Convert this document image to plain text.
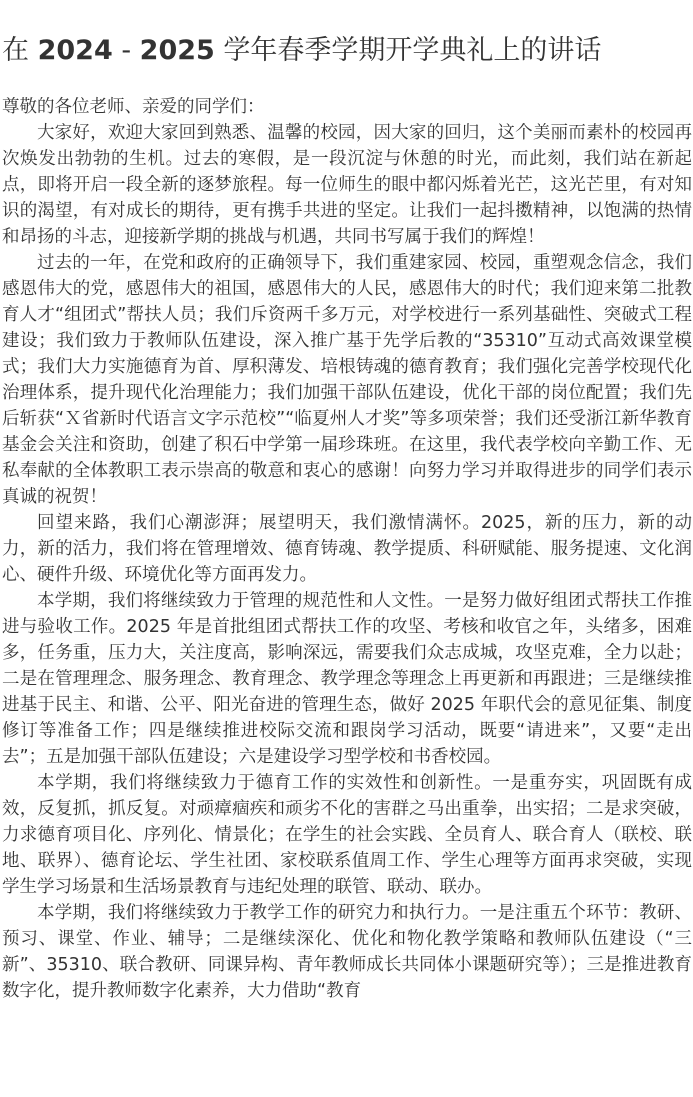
在 2024 - 2025 学年春季学期开学典礼上的讲话

尊敬的各位老师、亲爱的同学们：

大家好，欢迎大家回到熟悉、温馨的校园，因大家的回归，这个美丽而素朴的校园再次焕发出勃勃的生机。过去的寒假，是一段沉淀与休憩的时光，而此刻，我们站在新起点，即将开启一段全新的逐梦旅程。每一位师生的眼中都闪烁着光芒，这光芒里，有对知识的渴望，有对成长的期待，更有携手共进的坚定。让我们一起抖擞精神，以饱满的热情和昂扬的斗志，迎接新学期的挑战与机遇，共同书写属于我们的辉煌！

过去的一年，在党和政府的正确领导下，我们重建家园、校园，重塑观念信念，我们感恩伟大的党，感恩伟大的祖国，感恩伟大的人民，感恩伟大的时代；我们迎来第二批教育人才“组团式”帮扶人员；我们斥资两千多万元，对学校进行一系列基础性、突破式工程建设；我们致力于教师队伍建设，深入推广基于先学后教的“35310”互动式高效课堂模式；我们大力实施德育为首、厚积薄发、培根铸魂的德育教育；我们强化完善学校现代化治理体系，提升现代化治理能力；我们加强干部队伍建设，优化干部的岗位配置；我们先后斩获“Ｘ省新时代语言文字示范校”“临夏州人才奖”等多项荣誉；我们还受浙江新华教育基金会关注和资助，创建了积石中学第一届珍珠班。在这里，我代表学校向辛勤工作、无私奉献的全体教职工表示崇高的敬意和衷心的感谢！向努力学习并取得进步的同学们表示真诚的祝贺！

回望来路，我们心潮澎湃；展望明天，我们激情满怀。2025，新的压力，新的动力，新的活力，我们将在管理增效、德育铸魂、教学提质、科研赋能、服务提速、文化润心、硬件升级、环境优化等方面再发力。

本学期，我们将继续致力于管理的规范性和人文性。一是努力做好组团式帮扶工作推进与验收工作。2025 年是首批组团式帮扶工作的攻坚、考核和收官之年，头绪多，困难多，任务重，压力大，关注度高，影响深远，需要我们众志成城，攻坚克难，全力以赴；二是在管理理念、服务理念、教育理念、教学理念等理念上再更新和再跟进；三是继续推进基于民主、和谐、公平、阳光奋进的管理生态，做好 2025 年职代会的意见征集、制度修订等准备工作；四是继续推进校际交流和跟岗学习活动，既要“请进来”，又要“走出去”；五是加强干部队伍建设；六是建设学习型学校和书香校园。

本学期，我们将继续致力于德育工作的实效性和创新性。一是重夯实，巩固既有成效，反复抓，抓反复。对顽瘴痼疾和顽劣不化的害群之马出重拳，出实招；二是求突破，力求德育项目化、序列化、情景化；在学生的社会实践、全员育人、联合育人（联校、联地、联界）、德育论坛、学生社团、家校联系值周工作、学生心理等方面再求突破，实现学生学习场景和生活场景教育与违纪处理的联管、联动、联办。

本学期，我们将继续致力于教学工作的研究力和执行力。一是注重五个环节：教研、预习、课堂、作业、辅导；二是继续深化、优化和物化教学策略和教师队伍建设（“三新”、35310、联合教研、同课异构、青年教师成长共同体小课题研究等）；三是推进教育数字化，提升教师数字化素养，大力借助“教育
